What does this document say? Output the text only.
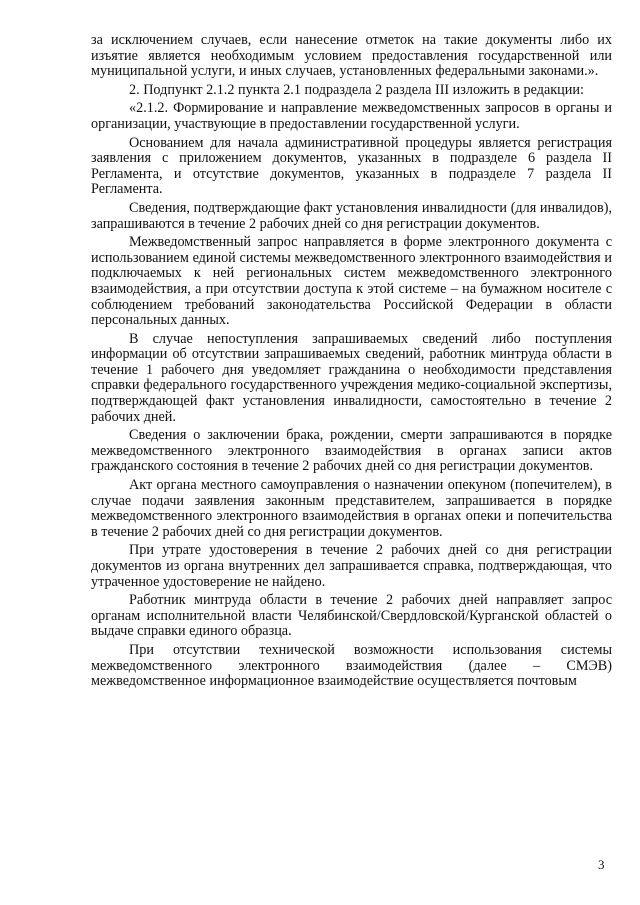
за исключением случаев, если нанесение отметок на такие документы либо их изъятие является необходимым условием предоставления государственной или муниципальной услуги, и иных случаев, установленных федеральными законами.».

2. Подпункт 2.1.2 пункта 2.1 подраздела 2 раздела III изложить в редакции:

«2.1.2. Формирование и направление межведомственных запросов в органы и организации, участвующие в предоставлении государственной услуги.

Основанием для начала административной процедуры является регистрация заявления с приложением документов, указанных в подразделе 6 раздела II Регламента, и отсутствие документов, указанных в подразделе 7 раздела II Регламента.

Сведения, подтверждающие факт установления инвалидности (для инвалидов), запрашиваются в течение 2 рабочих дней со дня регистрации документов.

Межведомственный запрос направляется в форме электронного документа с использованием единой системы межведомственного электронного взаимодействия и подключаемых к ней региональных систем межведомственного электронного взаимодействия, а при отсутствии доступа к этой системе – на бумажном носителе с соблюдением требований законодательства Российской Федерации в области персональных данных.

В случае непоступления запрашиваемых сведений либо поступления информации об отсутствии запрашиваемых сведений, работник минтруда области в течение 1 рабочего дня уведомляет гражданина о необходимости представления справки федерального государственного учреждения медико-социальной экспертизы, подтверждающей факт установления инвалидности, самостоятельно в течение 2 рабочих дней.

Сведения о заключении брака, рождении, смерти запрашиваются в порядке межведомственного электронного взаимодействия в органах записи актов гражданского состояния в течение 2 рабочих дней со дня регистрации документов.

Акт органа местного самоуправления о назначении опекуном (попечителем), в случае подачи заявления законным представителем, запрашивается в порядке межведомственного электронного взаимодействия в органах опеки и попечительства в течение 2 рабочих дней со дня регистрации документов.

При утрате удостоверения в течение 2 рабочих дней со дня регистрации документов из органа внутренних дел запрашивается справка, подтверждающая, что утраченное удостоверение не найдено.

Работник минтруда области в течение 2 рабочих дней направляет запрос органам исполнительной власти Челябинской/Свердловской/Курганской областей о выдаче справки единого образца.

При отсутствии технической возможности использования системы межведомственного электронного взаимодействия (далее – СМЭВ) межведомственное информационное взаимодействие осуществляется почтовым

3
